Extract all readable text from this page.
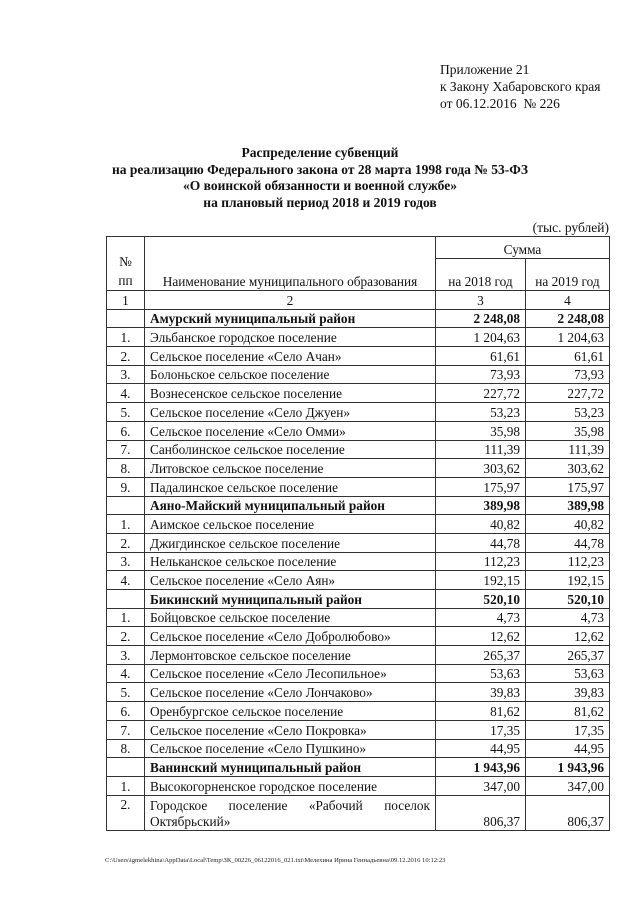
Приложение 21
к Закону Хабаровского края
от 06.12.2016  № 226
Распределение субвенций
на реализацию Федерального закона от 28 марта 1998 года № 53-ФЗ
«О воинской обязанности и военной службе»
на плановый период 2018 и 2019 годов
(тыс. рублей)
№
пп	Наименование муниципального образования	Сумма	
		на 2018 год	на 2019 год
1	2	3	4
	Амурский муниципальный район	2 248,08	2 248,08
1.	Эльбанское городское поселение	1 204,63	1 204,63
2.	Сельское поселение «Село Ачан»	61,61	61,61
3.	Болоньское сельское поселение	73,93	73,93
4.	Вознесенское сельское поселение	227,72	227,72
5.	Сельское поселение «Село Джуен»	53,23	53,23
6.	Сельское поселение «Село Омми»	35,98	35,98
7.	Санболинское сельское поселение	111,39	111,39
8.	Литовское сельское поселение	303,62	303,62
9.	Падалинское сельское поселение	175,97	175,97
	Аяно-Майский муниципальный район	389,98	389,98
1.	Аимское сельское поселение	40,82	40,82
2.	Джигдинское сельское поселение	44,78	44,78
3.	Нельканское сельское поселение	112,23	112,23
4.	Сельское поселение «Село Аян»	192,15	192,15
	Бикинский муниципальный район	520,10	520,10
1.	Бойцовское сельское поселение	4,73	4,73
2.	Сельское поселение «Село Добролюбово»	12,62	12,62
3.	Лермонтовское сельское поселение	265,37	265,37
4.	Сельское поселение «Село Лесопильное»	53,63	53,63
5.	Сельское поселение «Село Лончаково»	39,83	39,83
6.	Оренбургское сельское поселение	81,62	81,62
7.	Сельское поселение «Село Покровка»	17,35	17,35
8.	Сельское поселение «Село Пушкино»	44,95	44,95
	Ванинский муниципальный район	1 943,96	1 943,96
1.	Высокогорненское городское поселение	347,00	347,00
2.	Городское поселение «Рабочий поселок
Октябрьский»	806,37	806,37
C:\Users\igmelekhina\AppData\Local\Temp\ЗК_00226_06122016_021.txt\Мелехина Ирина Геннадьевна\09.12.2016 10:12:23
